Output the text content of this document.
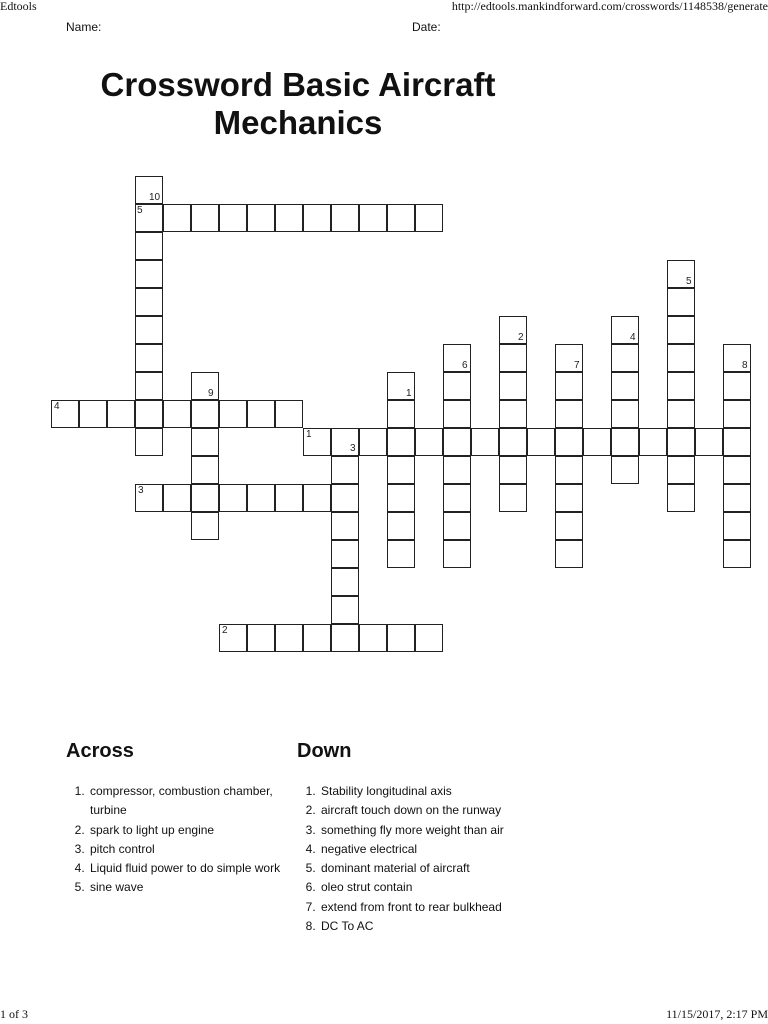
Edtools	http://edtools.mankindforward.com/crosswords/1148538/generate
Name:	Date:
Crossword Basic Aircraft
Mechanics
5
10
4
9
1
3
3
2
1
6
2
7
4
5
8
Across
1. compressor, combustion chamber, turbine
2. spark to light up engine
3. pitch control
4. Liquid fluid power to do simple work
5. sine wave
Down
1. Stability longitudinal axis
2. aircraft touch down on the runway
3. something fly more weight than air
4. negative electrical
5. dominant material of aircraft
6. oleo strut contain
7. extend from front to rear bulkhead
8. DC To AC
1 of 3	11/15/2017, 2:17 PM
